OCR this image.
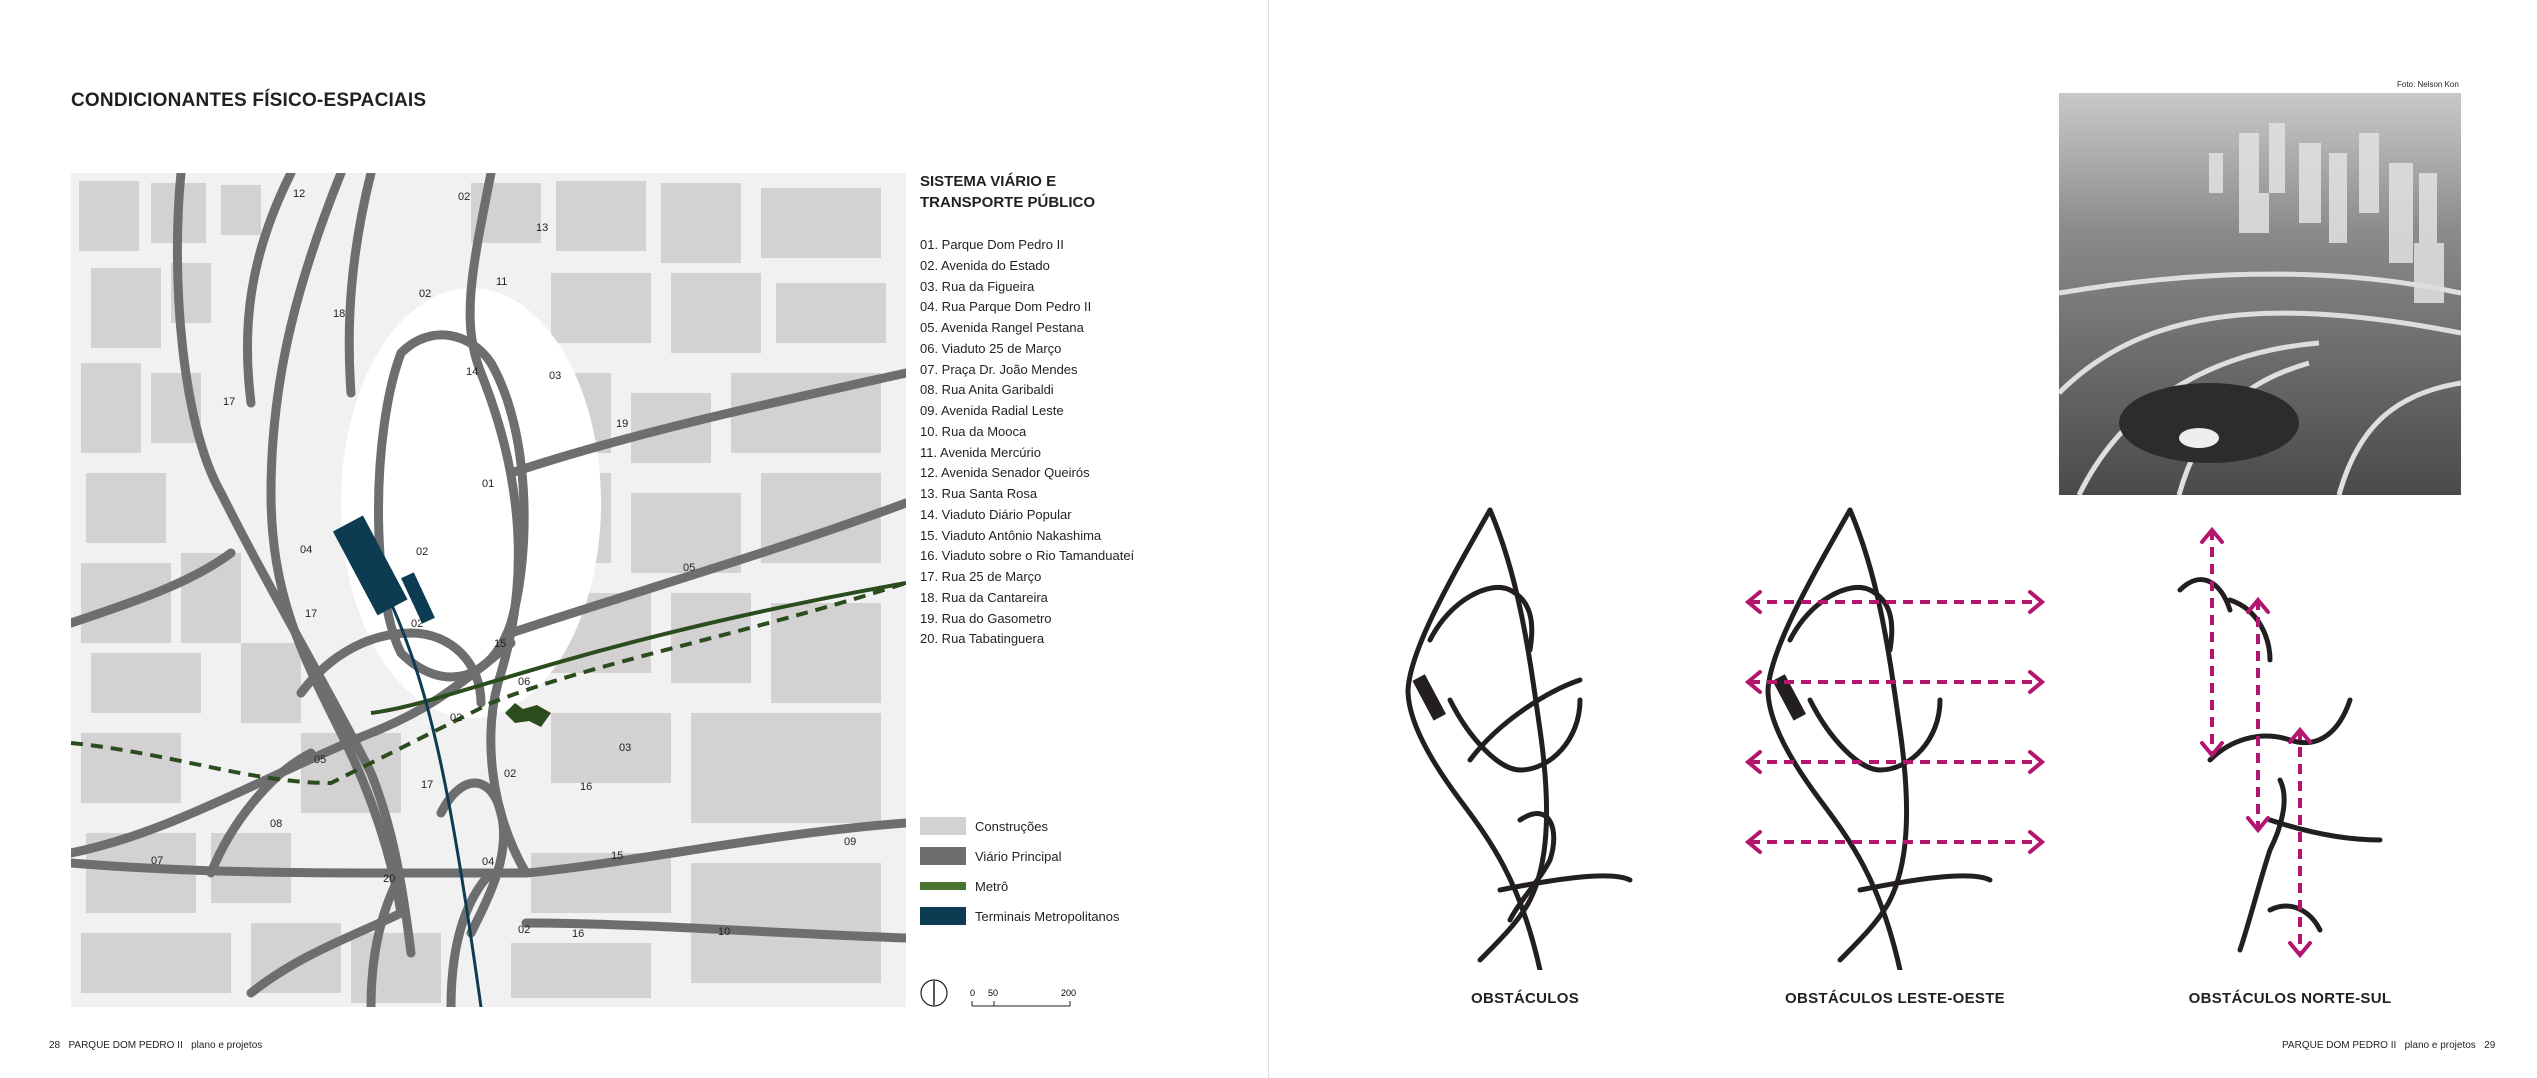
CONDICIONANTES FÍSICO-ESPACIAIS
12	02
13
11
18
02
14	03
19
17
01
04	02
02
05
17
15
06
02
05
02
03
17	16
08
07
20
04	15
09
10
02	16
SISTEMA VIÁRIO E
TRANSPORTE PÚBLICO
01. Parque Dom Pedro II
02. Avenida do Estado
03. Rua da Figueira
04. Rua Parque Dom Pedro II
05. Avenida Rangel Pestana
06. Viaduto 25 de Março
07. Praça Dr. João Mendes
08. Rua Anita Garibaldi
09. Avenida Radial Leste
10. Rua da Mooca
11. Avenida Mercúrio
12. Avenida Senador Queirós
13. Rua Santa Rosa
14. Viaduto Diário Popular
15. Viaduto Antônio Nakashima
16. Viaduto sobre o Rio Tamanduateí
17. Rua 25 de Março
18. Rua da Cantareira
19. Rua do Gasometro
20. Rua Tabatinguera
Construções
Viário Principal
Metrô
Terminais Metropolitanos
0 50	200
28 PARQUE DOM PEDRO II plano e projetos
Foto: Nelson Kon
OBSTÁCULOS	OBSTÁCULOS LESTE-OESTE	OBSTÁCULOS NORTE-SUL
PARQUE DOM PEDRO II plano e projetos 29
